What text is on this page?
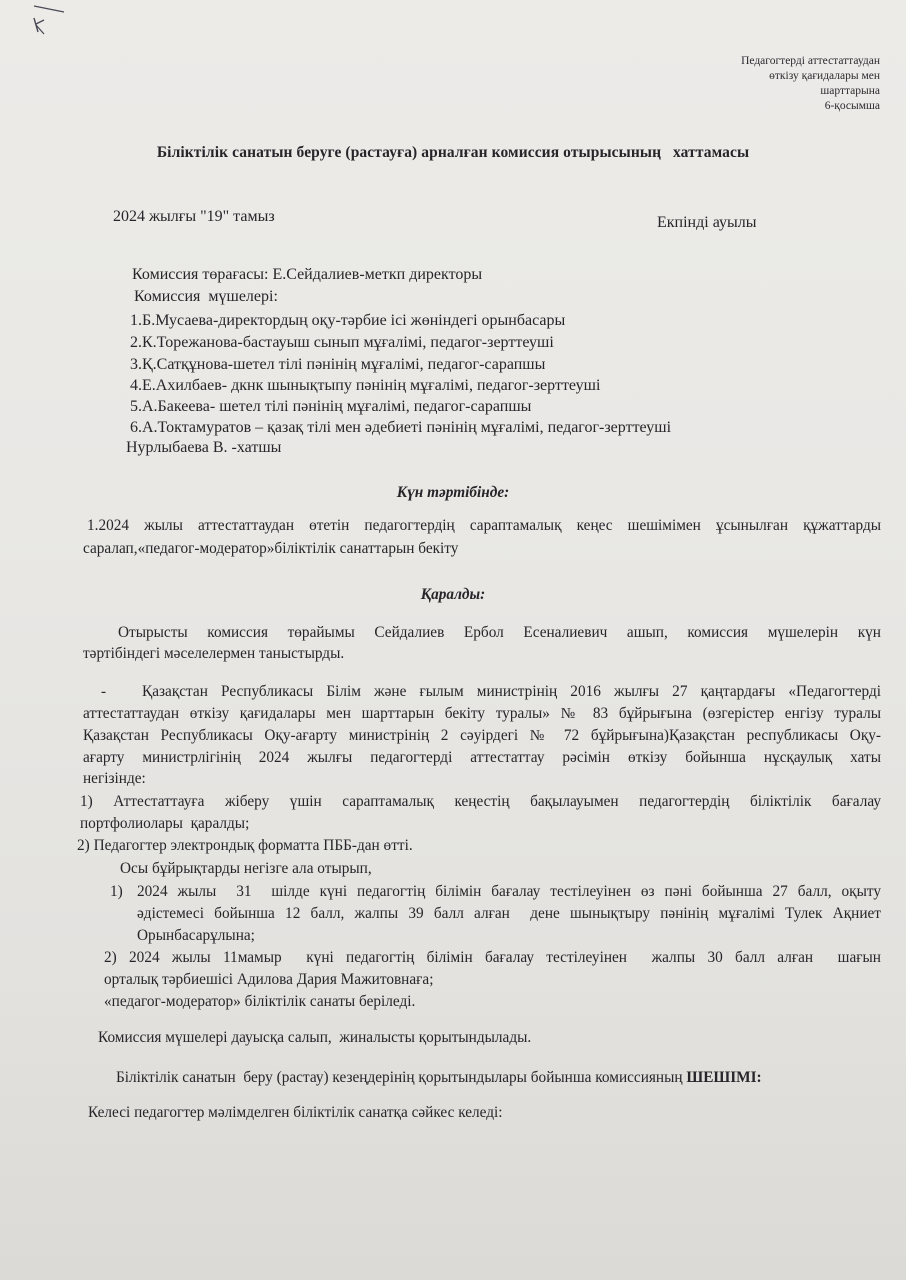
Педагогтерді аттестаттаудан
өткізу қағидалары мен
шарттарына
6-қосымша
Біліктілік санатын беруге (растауға) арналған комиссия отырысының   хаттамасы
2024 жылғы "19" тамыз	Екпінді ауылы
Комиссия төрағасы: Е.Сейдалиев-меткп директоры
Комиссия  мүшелері:
1.Б.Мусаева-директордың оқу-тәрбие ісі жөніндегі орынбасары
2.К.Торежанова-бастауыш сынып мұғалімі, педагог-зерттеуші
3.Қ.Сатқұнова-шетел тілі пәнінің мұғалімі, педагог-сарапшы
4.Е.Ахилбаев- дкнк шынықтыпу пәнінің мұғалімі, педагог-зерттеуші
5.А.Бакеева- шетел тілі пәнінің мұғалімі, педагог-сарапшы
6.А.Токтамуратов – қазақ тілі мен әдебиеті пәнінің мұғалімі, педагог-зерттеуші
Нурлыбаева В. -хатшы
Күн тәртібінде:
1.2024 жылы аттестаттаудан өтетін педагогтердің сараптамалық кеңес шешімімен ұсынылған құжаттарды
саралап,«педагог-модератор»біліктілік санаттарын бекіту
Қаралды:
Отырысты комиссия төрайымы Сейдалиев Ербол Есеналиевич ашып, комиссия мүшелерін күн
тәртібіндегі мәселелермен таныстырды.
- Қазақстан Республикасы Білім және ғылым министрінің 2016 жылғы 27 қаңтардағы «Педагогтерді
аттестаттаудан өткізу қағидалары мен шарттарын бекіту туралы» № 83 бұйрығына (өзгерістер енгізу туралы
Қазақстан Республикасы Оқу-ағарту министрінің 2 сәуірдегі № 72 бұйрығына)Қазақстан республикасы Оқу-
ағарту министрлігінің 2024 жылғы педагогтерді аттестаттау рәсімін өткізу бойынша нұсқаулық хаты
негізінде:
1) Аттестаттауға жіберу үшін сараптамалық кеңестің бақылауымен педагогтердің біліктілік бағалау
портфолиолары  қаралды;
2) Педагогтер электрондық форматта ПББ-дан өтті.
Осы бұйрықтарды негізге ала отырып,
1) 2024 жылы  31  шілде күні педагогтің білімін бағалау тестілеуінен өз пәні бойынша 27 балл, оқыту
әдістемесі бойынша 12 балл, жалпы 39 балл алған  дене шынықтыру пәнінің мұғалімі Тулек Ақниет
Орынбасарұлына;
2) 2024 жылы 11мамыр  күні педагогтің білімін бағалау тестілеуінен  жалпы 30 балл алған  шағын
орталық тәрбиешісі Адилова Дария Мажитовнаға;
«педагог-модератор» біліктілік санаты беріледі.
Комиссия мүшелері дауысқа салып,  жиналысты қорытындылады.
Біліктілік санатын  беру (растау) кезеңдерінің қорытындылары бойынша комиссияның ШЕШІМІ:
Келесі педагогтер мәлімделген біліктілік санатқа сәйкес келеді:
